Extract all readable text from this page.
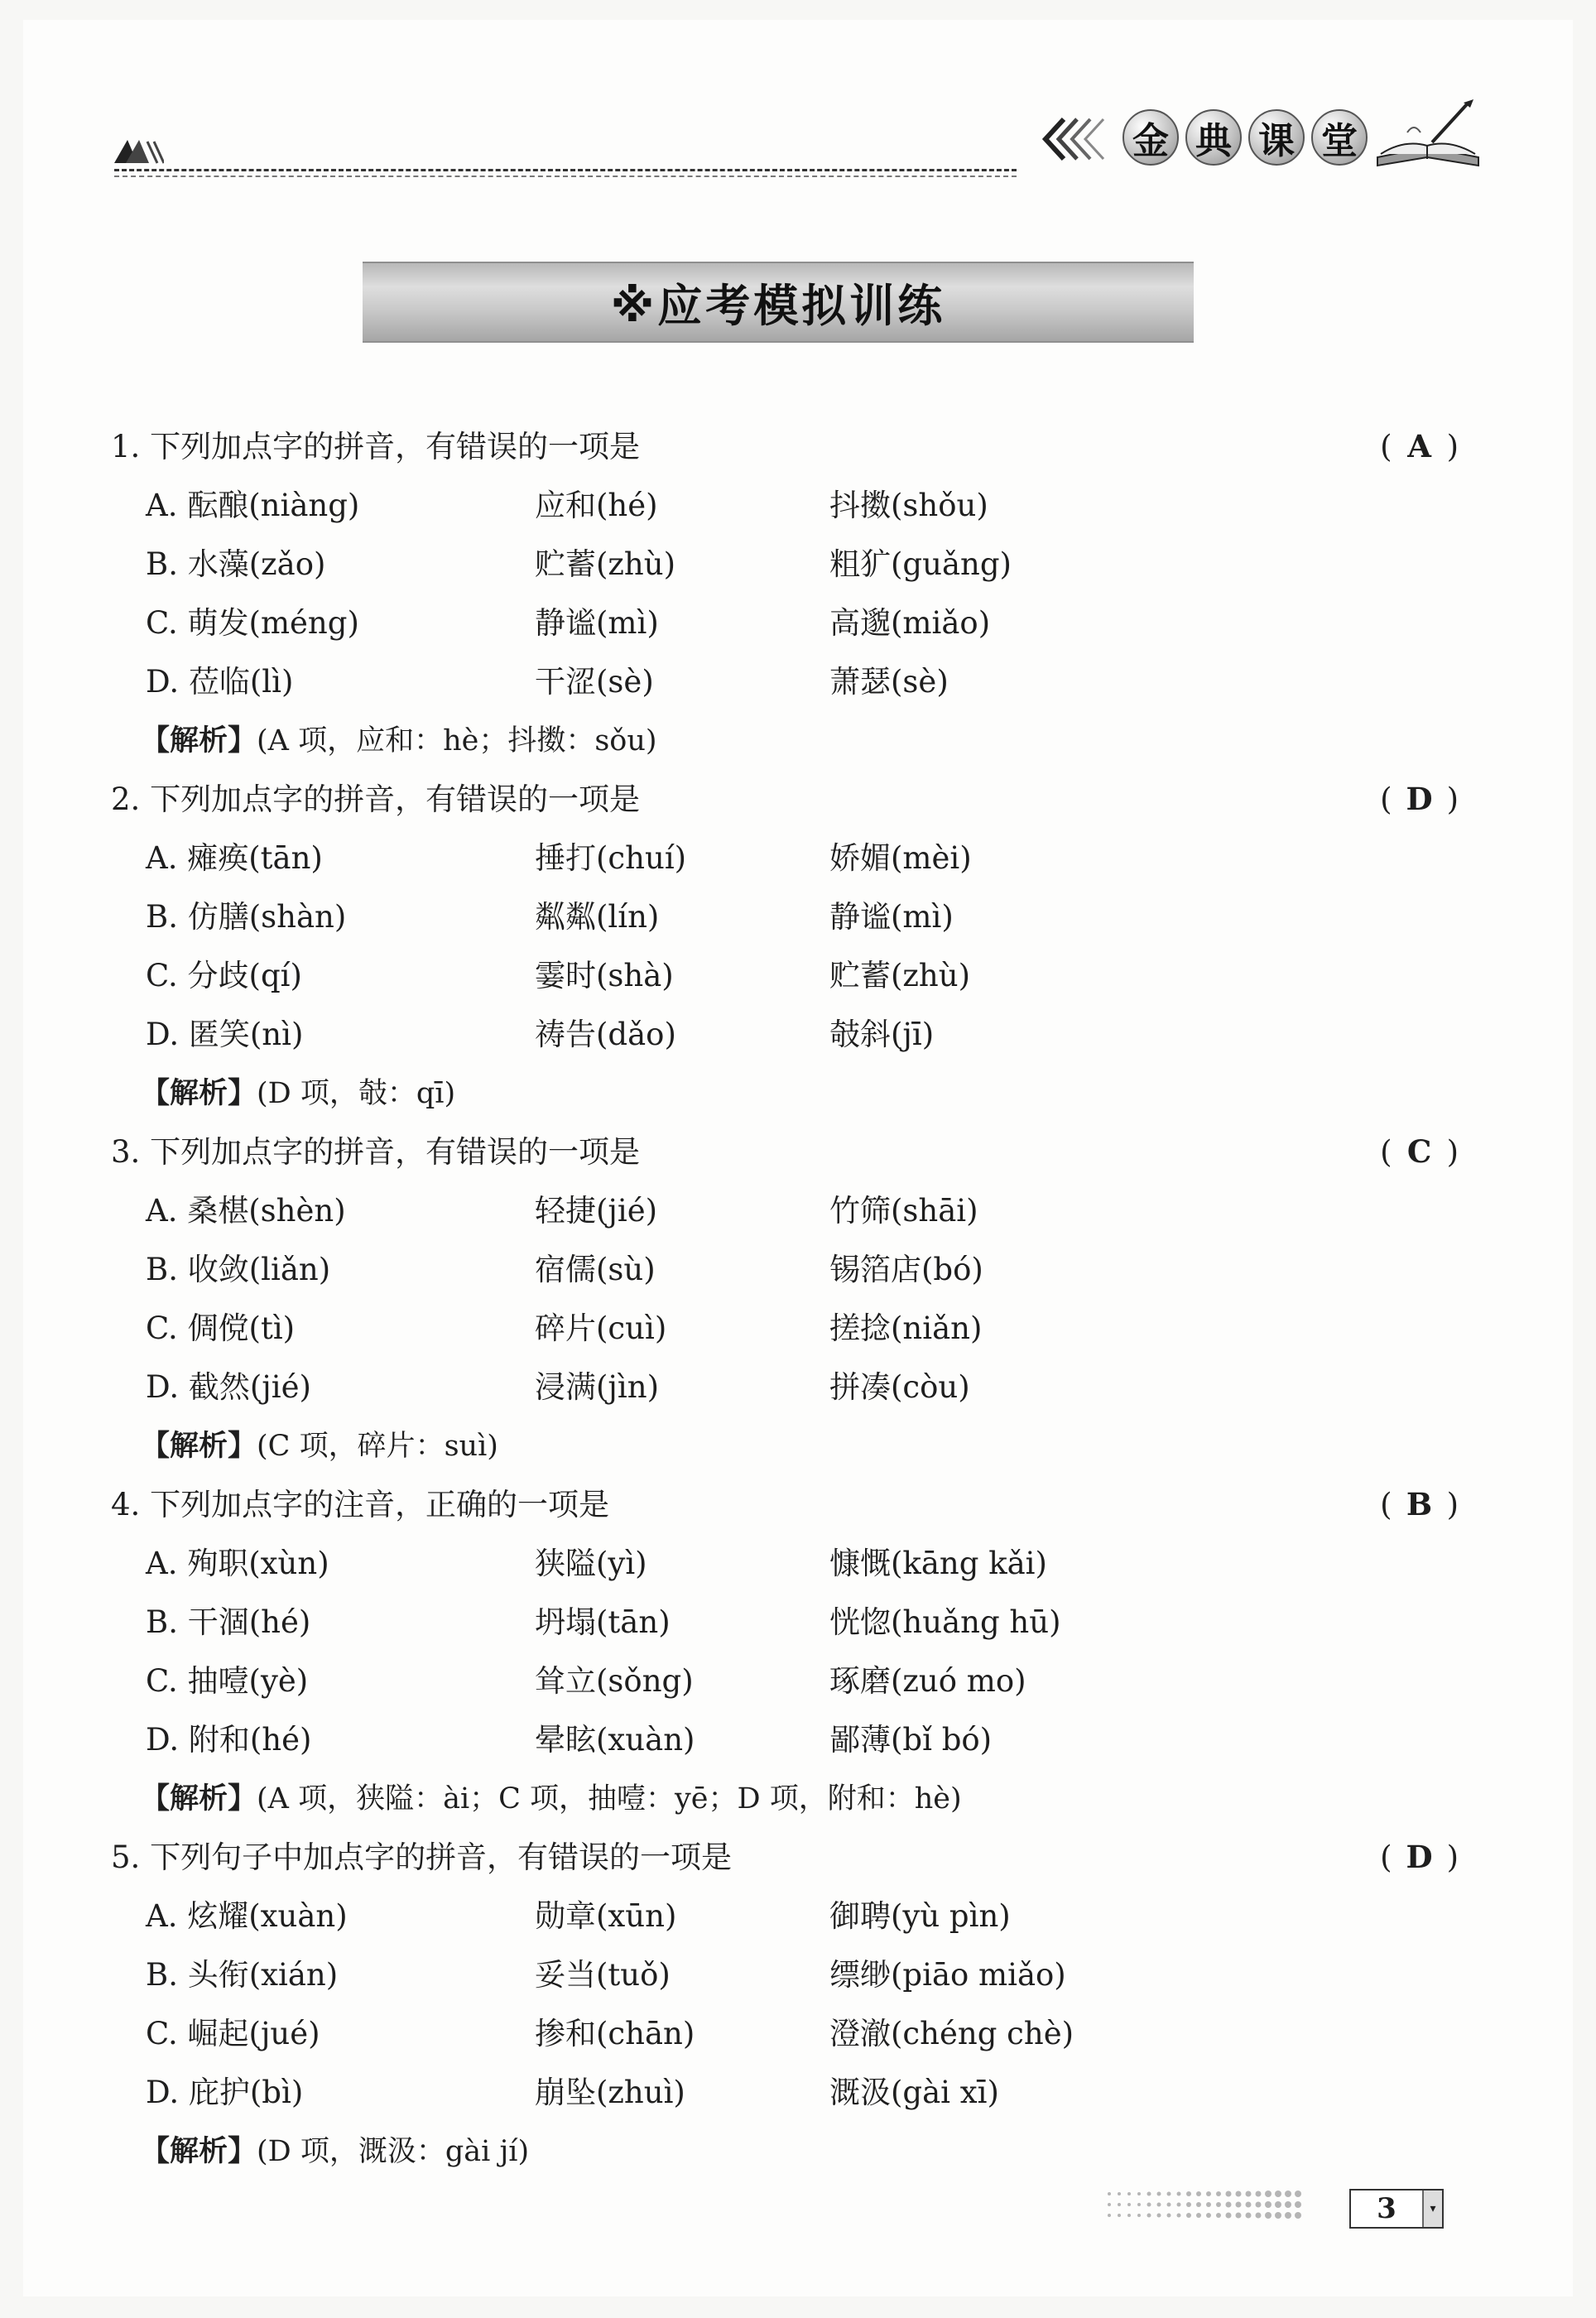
金 典 课 堂
※应考模拟训练
1. 下列加点字的拼音，有错误的一项是	( A )
A. 酝酿(niàng)	应和(hé)	抖擞(shǒu)
B. 水藻(zǎo)	贮蓄(zhù)	粗犷(guǎng)
C. 萌发(méng)	静谧(mì)	高邈(miǎo)
D. 莅临(lì)	干涩(sè)	萧瑟(sè)
【解析】(A 项，应和：hè；抖擞：sǒu)
2. 下列加点字的拼音，有错误的一项是	( D )
A. 瘫痪(tān)	捶打(chuí)	娇媚(mèi)
B. 仿膳(shàn)	粼粼(lín)	静谧(mì)
C. 分歧(qí)	霎时(shà)	贮蓄(zhù)
D. 匿笑(nì)	祷告(dǎo)	攲斜(jī)
【解析】(D 项，攲：qī)
3. 下列加点字的拼音，有错误的一项是	( C )
A. 桑椹(shèn)	轻捷(jié)	竹筛(shāi)
B. 收敛(liǎn)	宿儒(sù)	锡箔店(bó)
C. 倜傥(tì)	碎片(cuì)	搓捻(niǎn)
D. 截然(jié)	浸满(jìn)	拼凑(còu)
【解析】(C 项，碎片：suì)
4. 下列加点字的注音，正确的一项是	( B )
A. 殉职(xùn)	狭隘(yì)	慷慨(kāng kǎi)
B. 干涸(hé)	坍塌(tān)	恍惚(huǎng hū)
C. 抽噎(yè)	耸立(sǒng)	琢磨(zuó mo)
D. 附和(hé)	晕眩(xuàn)	鄙薄(bǐ bó)
【解析】(A 项，狭隘：ài；C 项，抽噎：yē；D 项，附和：hè)
5. 下列句子中加点字的拼音，有错误的一项是	( D )
A. 炫耀(xuàn)	勋章(xūn)	御聘(yù pìn)
B. 头衔(xián)	妥当(tuǒ)	缥缈(piāo miǎo)
C. 崛起(jué)	掺和(chān)	澄澈(chéng chè)
D. 庇护(bì)	崩坠(zhuì)	溉汲(gài xī)
【解析】(D 项，溉汲：gài jí)
3	▾
